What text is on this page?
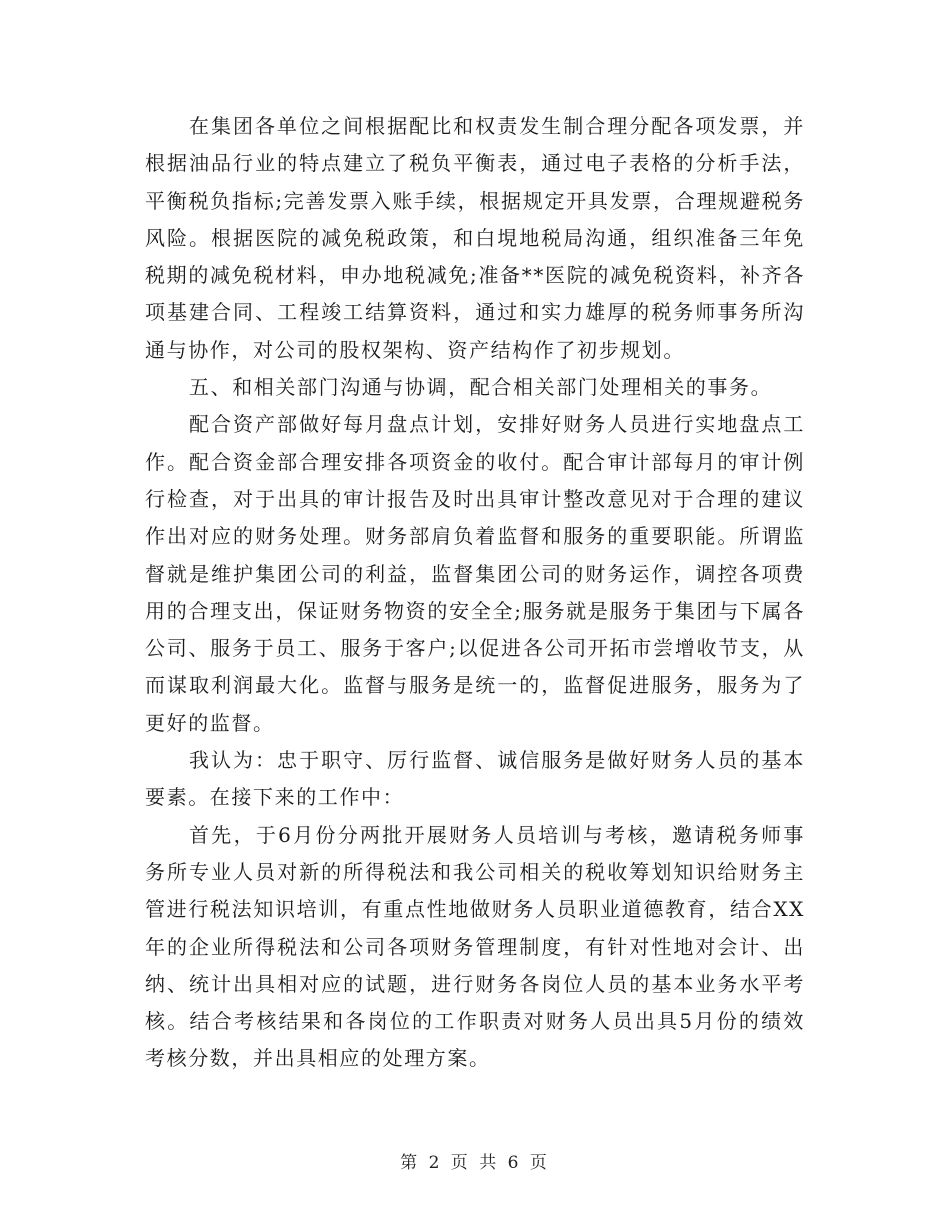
在集团各单位之间根据配比和权责发生制合理分配各项发票，并根据油品行业的特点建立了税负平衡表，通过电子表格的分析手法，平衡税负指标;完善发票入账手续，根据规定开具发票，合理规避税务风险。根据医院的减免税政策，和白垷地税局沟通，组织准备三年免税期的减免税材料，申办地税减免;准备**医院的减免税资料，补齐各项基建合同、工程竣工结算资料，通过和实力雄厚的税务师事务所沟通与协作，对公司的股权架构、资产结构作了初步规划。

五、和相关部门沟通与协调，配合相关部门处理相关的事务。

配合资产部做好每月盘点计划，安排好财务人员进行实地盘点工作。配合资金部合理安排各项资金的收付。配合审计部每月的审计例行检查，对于出具的审计报告及时出具审计整改意见对于合理的建议作出对应的财务处理。财务部肩负着监督和服务的重要职能。所谓监督就是维护集团公司的利益，监督集团公司的财务运作，调控各项费用的合理支出，保证财务物资的安全全;服务就是服务于集团与下属各公司、服务于员工、服务于客户;以促进各公司开拓市尝增收节支，从而谋取利润最大化。监督与服务是统一的，监督促进服务，服务为了更好的监督。

我认为：忠于职守、厉行监督、诚信服务是做好财务人员的基本要素。在接下来的工作中：

首先，于6月份分两批开展财务人员培训与考核，邀请税务师事务所专业人员对新的所得税法和我公司相关的税收筹划知识给财务主管进行税法知识培训，有重点性地做财务人员职业道德教育，结合XX年的企业所得税法和公司各项财务管理制度，有针对性地对会计、出纳、统计出具相对应的试题，进行财务各岗位人员的基本业务水平考核。结合考核结果和各岗位的工作职责对财务人员出具5月份的绩效考核分数，并出具相应的处理方案。

第 2 页 共 6 页
